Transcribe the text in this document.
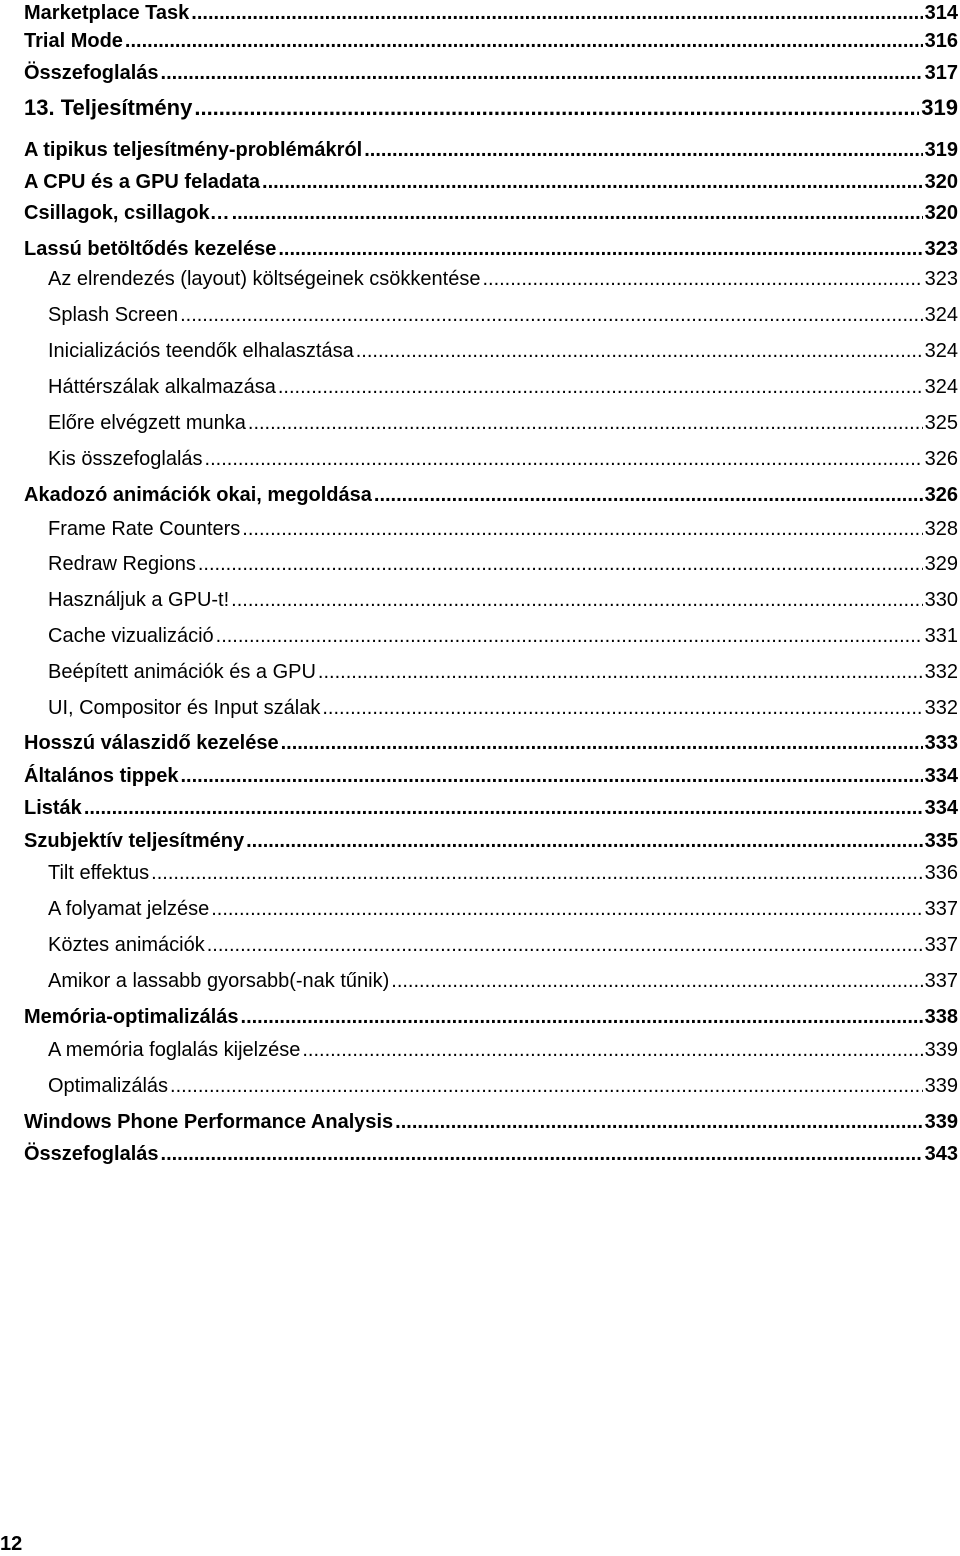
Marketplace Task .....	314
Trial Mode .....	316
Összefoglalás .....	317
13. Teljesítmény .....	319
A tipikus teljesítmény-problémákról .....	319
A CPU és a GPU feladata .....	320
Csillagok, csillagok… .....	320
Lassú betöltődés kezelése .....	323
Az elrendezés (layout) költségeinek csökkentése .....	323
Splash Screen .....	324
Inicializációs teendők elhalasztása .....	324
Háttérszálak alkalmazása .....	324
Előre elvégzett munka .....	325
Kis összefoglalás .....	326
Akadozó animációk okai, megoldása .....	326
Frame Rate Counters .....	328
Redraw Regions .....	329
Használjuk a GPU-t! .....	330
Cache vizualizáció .....	331
Beépített animációk és a GPU .....	332
UI, Compositor és Input szálak .....	332
Hosszú válaszidő kezelése .....	333
Általános tippek .....	334
Listák .....	334
Szubjektív teljesítmény .....	335
Tilt effektus .....	336
A folyamat jelzése .....	337
Köztes animációk .....	337
Amikor a lassabb gyorsabb(-nak tűnik) .....	337
Memória-optimalizálás .....	338
A memória foglalás kijelzése .....	339
Optimalizálás .....	339
Windows Phone Performance Analysis .....	339
Összefoglalás .....	343
12
